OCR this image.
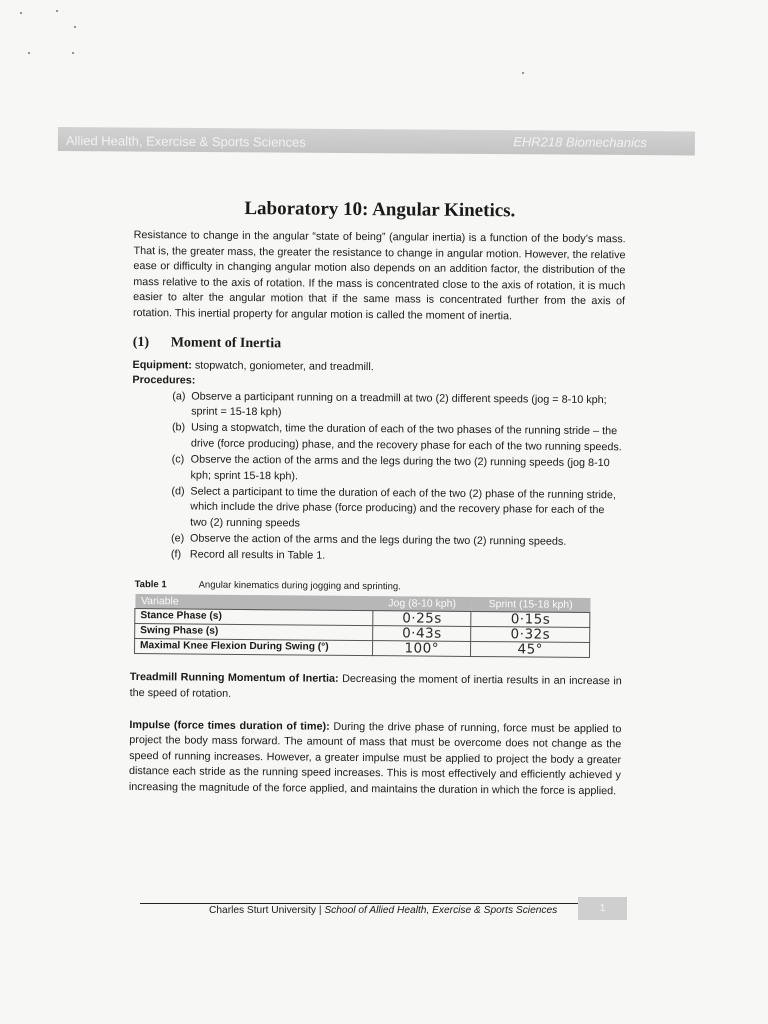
Allied Health, Exercise & Sports Sciences	EHR218 Biomechanics
Laboratory 10: Angular Kinetics.

Resistance to change in the angular “state of being” (angular inertia) is a function of the body’s mass. That is, the greater mass, the greater the resistance to change in angular motion. However, the relative ease or difficulty in changing angular motion also depends on an addition factor, the distribution of the mass relative to the axis of rotation. If the mass is concentrated close to the axis of rotation, it is much easier to alter the angular motion that if the same mass is concentrated further from the axis of rotation. This inertial property for angular motion is called the moment of inertia.

(1) Moment of Inertia

Equipment: stopwatch, goniometer, and treadmill.

Procedures:

(a) Observe a participant running on a treadmill at two (2) different speeds (jog = 8-10 kph; sprint = 15-18 kph)
(b) Using a stopwatch, time the duration of each of the two phases of the running stride – the drive (force producing) phase, and the recovery phase for each of the two running speeds.
(c) Observe the action of the arms and the legs during the two (2) running speeds (jog 8-10 kph; sprint 15-18 kph).
(d) Select a participant to time the duration of each of the two (2) phase of the running stride, which include the drive phase (force producing) and the recovery phase for each of the two (2) running speeds
(e) Observe the action of the arms and the legs during the two (2) running speeds.
(f) Record all results in Table 1.
Table 1	Angular kinematics during jogging and sprinting.
Variable	Jog (8-10 kph)	Sprint (15-18 kph)
Stance Phase (s)	0·25s	0·15s
Swing Phase (s)	0·43s	0·32s
Maximal Knee Flexion During Swing (°)	100°	45°

Treadmill Running Momentum of Inertia: Decreasing the moment of inertia results in an increase in the speed of rotation.

Impulse (force times duration of time): During the drive phase of running, force must be applied to project the body mass forward. The amount of mass that must be overcome does not change as the speed of running increases. However, a greater impulse must be applied to project the body a greater distance each stride as the running speed increases. This is most effectively and efficiently achieved y increasing the magnitude of the force applied, and maintains the duration in which the force is applied.

Charles Sturt University | School of Allied Health, Exercise & Sports Sciences	1
